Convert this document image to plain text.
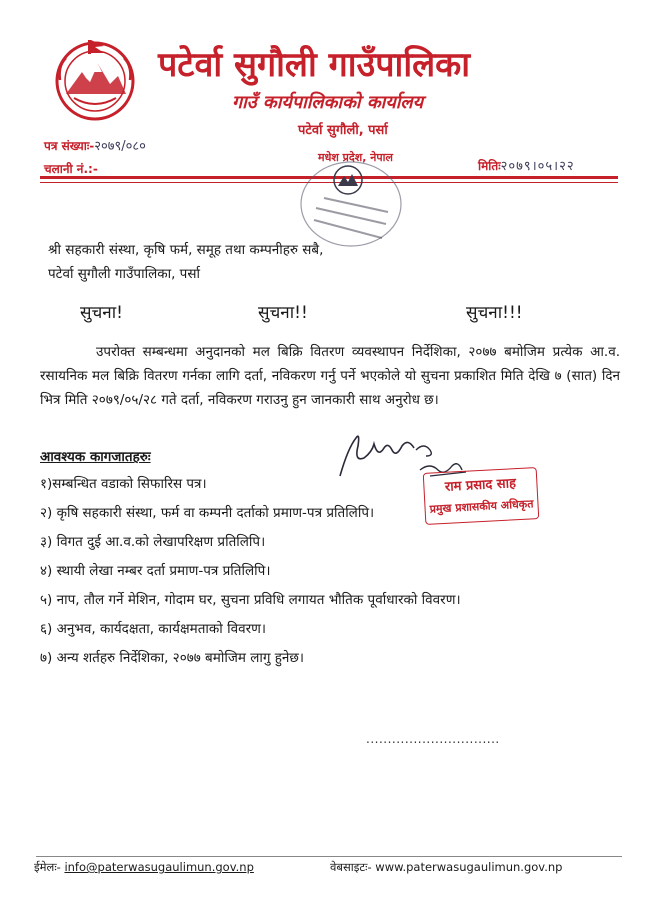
पटेर्वा सुगौली गाउँपालिका
गाउँ कार्यपालिकाको कार्यालय
पटेर्वा सुगौली, पर्सा
मधेश प्रदेश, नेपाल
पत्र संख्याः-२०७९/०८०
चलानी नं.:-	मितिः२०७९।०५।२२
श्री सहकारी संस्था, कृषि फर्म, समूह तथा कम्पनीहरु सबै,
पटेर्वा सुगौली गाउँपालिका, पर्सा
सुचना!	सुचना!!	सुचना!!!
उपरोक्त सम्बन्धमा अनुदानको मल बिक्रि वितरण व्यवस्थापन निर्देशिका, २०७७ बमोजिम प्रत्येक आ.व. रसायनिक मल बिक्रि वितरण गर्नका लागि दर्ता, नविकरण गर्नु पर्ने भएकोले यो सुचना प्रकाशित मिति देखि ७ (सात) दिन भित्र मिति २०७९/०५/२८ गते दर्ता, नविकरण गराउनु हुन जानकारी साथ अनुरोध छ।
आवश्यक कागजातहरुः
१)सम्बन्धित वडाको सिफारिस पत्र।
२) कृषि सहकारी संस्था, फर्म वा कम्पनी दर्ताको प्रमाण-पत्र प्रतिलिपि।
३) विगत दुई आ.व.को लेखापरिक्षण प्रतिलिपि।
४) स्थायी लेखा नम्बर दर्ता प्रमाण-पत्र प्रतिलिपि।
५) नाप, तौल गर्ने मेशिन, गोदाम घर, सुचना प्रविधि लगायत भौतिक पूर्वाधारको विवरण।
६) अनुभव, कार्यदक्षता, कार्यक्षमताको विवरण।
७) अन्य शर्तहरु निर्देशिका, २०७७ बमोजिम लागु हुनेछ।
राम प्रसाद साह
प्रमुख प्रशासकीय अधिकृत
...............................
ईमेलः- info@paterwasugaulimun.gov.np	वेबसाइटः- www.paterwasugaulimun.gov.np
